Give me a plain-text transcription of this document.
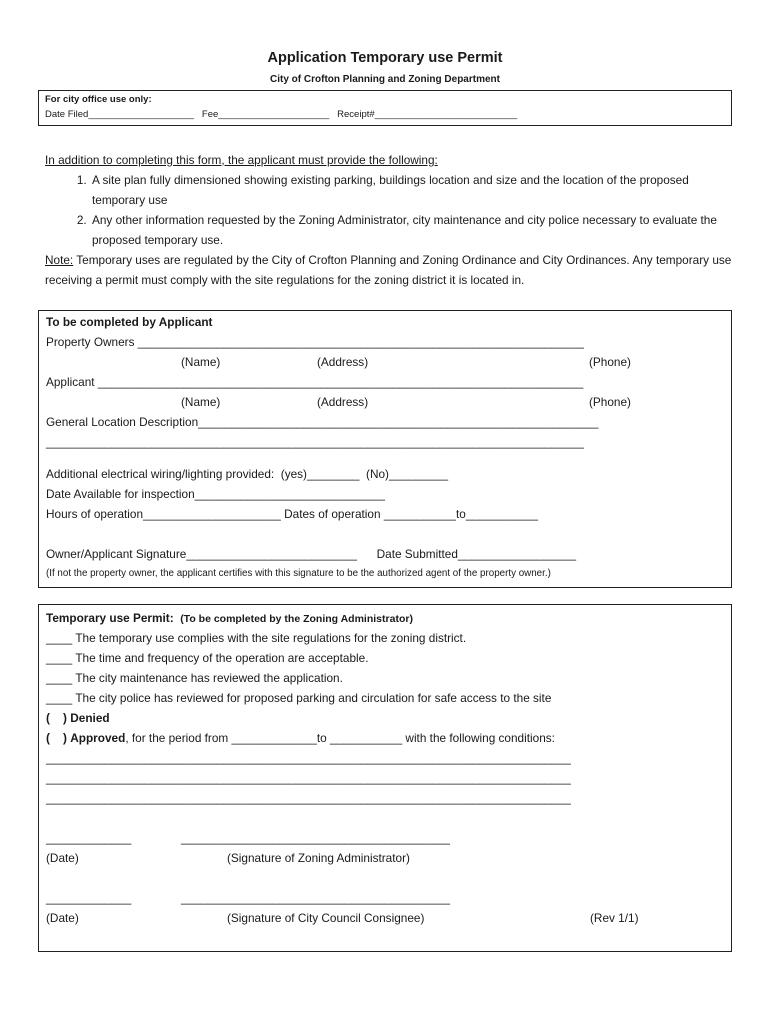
Application Temporary use Permit
City of Crofton Planning and Zoning Department
For city office use only:
Date Filed____________________ Fee_____________________ Receipt#___________________________
In addition to completing this form, the applicant must provide the following:
1. A site plan fully dimensioned showing existing parking, buildings location and size and the location of the proposed temporary use
2. Any other information requested by the Zoning Administrator, city maintenance and city police necessary to evaluate the proposed temporary use.
Note: Temporary uses are regulated by the City of Crofton Planning and Zoning Ordinance and City Ordinances. Any temporary use receiving a permit must comply with the site regulations for the zoning district it is located in.
To be completed by Applicant
Property Owners ____________________________________________________________________
(Name)	(Address)	(Phone)
Applicant __________________________________________________________________________
(Name)	(Address)	(Phone)
General Location Description_____________________________________________________________
__________________________________________________________________________________
Additional electrical wiring/lighting provided: (yes)________ (No)_________
Date Available for inspection_____________________________
Hours of operation_____________________ Dates of operation ___________to___________
Owner/Applicant Signature__________________________ Date Submitted__________________
(If not the property owner, the applicant certifies with this signature to be the authorized agent of the property owner.)
Temporary use Permit: (To be completed by the Zoning Administrator)
____ The temporary use complies with the site regulations for the zoning district.
____ The time and frequency of the operation are acceptable.
____ The city maintenance has reviewed the application.
____ The city police has reviewed for proposed parking and circulation for safe access to the site
(    ) Denied
(    ) Approved, for the period from _____________to ___________ with the following conditions:
________________________________________________________________________________
________________________________________________________________________________
________________________________________________________________________________
_____________	_________________________________________
(Date)	(Signature of Zoning Administrator)
_____________	_________________________________________
(Date)	(Signature of City Council Consignee)	(Rev 1/1)
